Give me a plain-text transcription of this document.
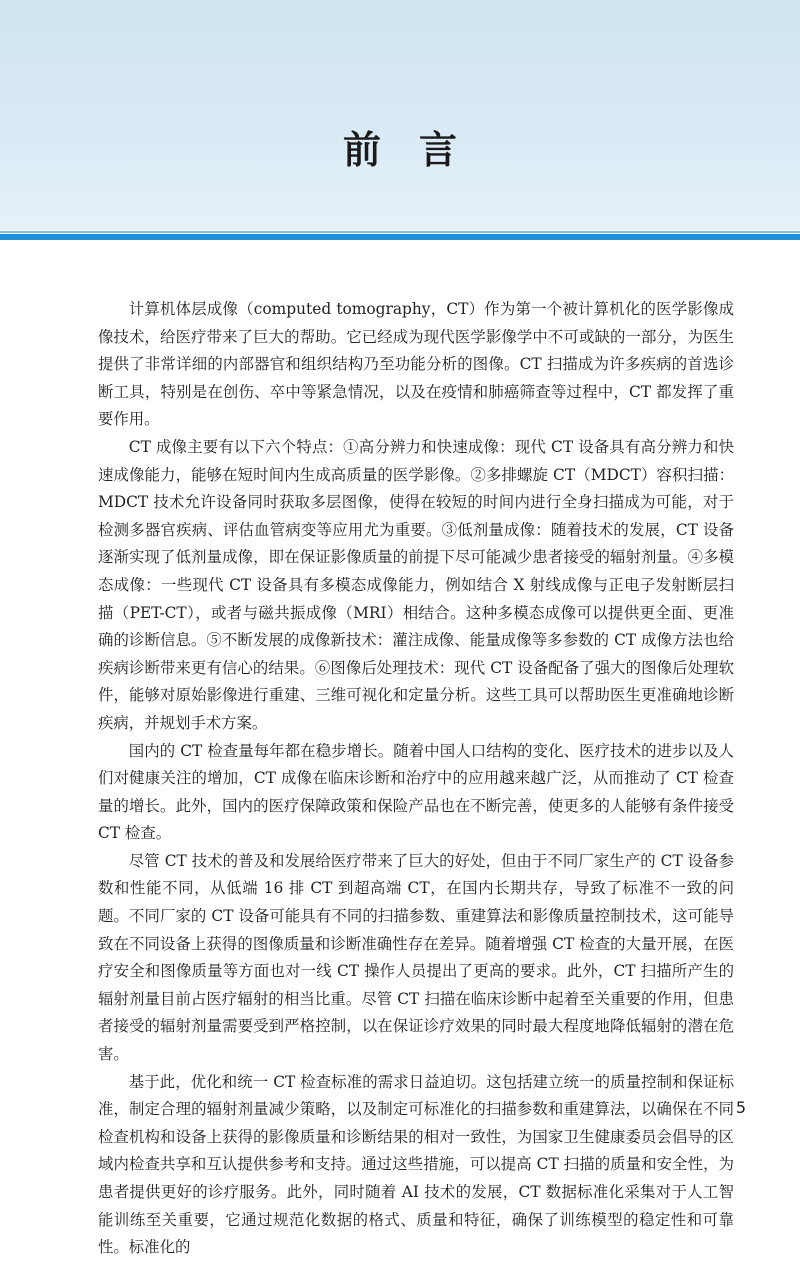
前言

计算机体层成像（computed tomography，CT）作为第一个被计算机化的医学影像成像技术，给医疗带来了巨大的帮助。它已经成为现代医学影像学中不可或缺的一部分，为医生提供了非常详细的内部器官和组织结构乃至功能分析的图像。CT 扫描成为许多疾病的首选诊断工具，特别是在创伤、卒中等紧急情况，以及在疫情和肺癌筛查等过程中，CT 都发挥了重要作用。

CT 成像主要有以下六个特点：①高分辨力和快速成像：现代 CT 设备具有高分辨力和快速成像能力，能够在短时间内生成高质量的医学影像。②多排螺旋 CT（MDCT）容积扫描：MDCT 技术允许设备同时获取多层图像，使得在较短的时间内进行全身扫描成为可能，对于检测多器官疾病、评估血管病变等应用尤为重要。③低剂量成像：随着技术的发展，CT 设备逐渐实现了低剂量成像，即在保证影像质量的前提下尽可能减少患者接受的辐射剂量。④多模态成像：一些现代 CT 设备具有多模态成像能力，例如结合 X 射线成像与正电子发射断层扫描（PET-CT），或者与磁共振成像（MRI）相结合。这种多模态成像可以提供更全面、更准确的诊断信息。⑤不断发展的成像新技术：灌注成像、能量成像等多参数的 CT 成像方法也给疾病诊断带来更有信心的结果。⑥图像后处理技术：现代 CT 设备配备了强大的图像后处理软件，能够对原始影像进行重建、三维可视化和定量分析。这些工具可以帮助医生更准确地诊断疾病，并规划手术方案。

国内的 CT 检查量每年都在稳步增长。随着中国人口结构的变化、医疗技术的进步以及人们对健康关注的增加，CT 成像在临床诊断和治疗中的应用越来越广泛，从而推动了 CT 检查量的增长。此外，国内的医疗保障政策和保险产品也在不断完善，使更多的人能够有条件接受 CT 检查。

尽管 CT 技术的普及和发展给医疗带来了巨大的好处，但由于不同厂家生产的 CT 设备参数和性能不同，从低端 16 排 CT 到超高端 CT，在国内长期共存，导致了标准不一致的问题。不同厂家的 CT 设备可能具有不同的扫描参数、重建算法和影像质量控制技术，这可能导致在不同设备上获得的图像质量和诊断准确性存在差异。随着增强 CT 检查的大量开展，在医疗安全和图像质量等方面也对一线 CT 操作人员提出了更高的要求。此外，CT 扫描所产生的辐射剂量目前占医疗辐射的相当比重。尽管 CT 扫描在临床诊断中起着至关重要的作用，但患者接受的辐射剂量需要受到严格控制，以在保证诊疗效果的同时最大程度地降低辐射的潜在危害。

基于此，优化和统一 CT 检查标准的需求日益迫切。这包括建立统一的质量控制和保证标准，制定合理的辐射剂量减少策略，以及制定可标准化的扫描参数和重建算法，以确保在不同检查机构和设备上获得的影像质量和诊断结果的相对一致性，为国家卫生健康委员会倡导的区域内检查共享和互认提供参考和支持。通过这些措施，可以提高 CT 扫描的质量和安全性，为患者提供更好的诊疗服务。此外，同时随着 AI 技术的发展，CT 数据标准化采集对于人工智能训练至关重要，它通过规范化数据的格式、质量和特征，确保了训练模型的稳定性和可靠性。标准化的

5
